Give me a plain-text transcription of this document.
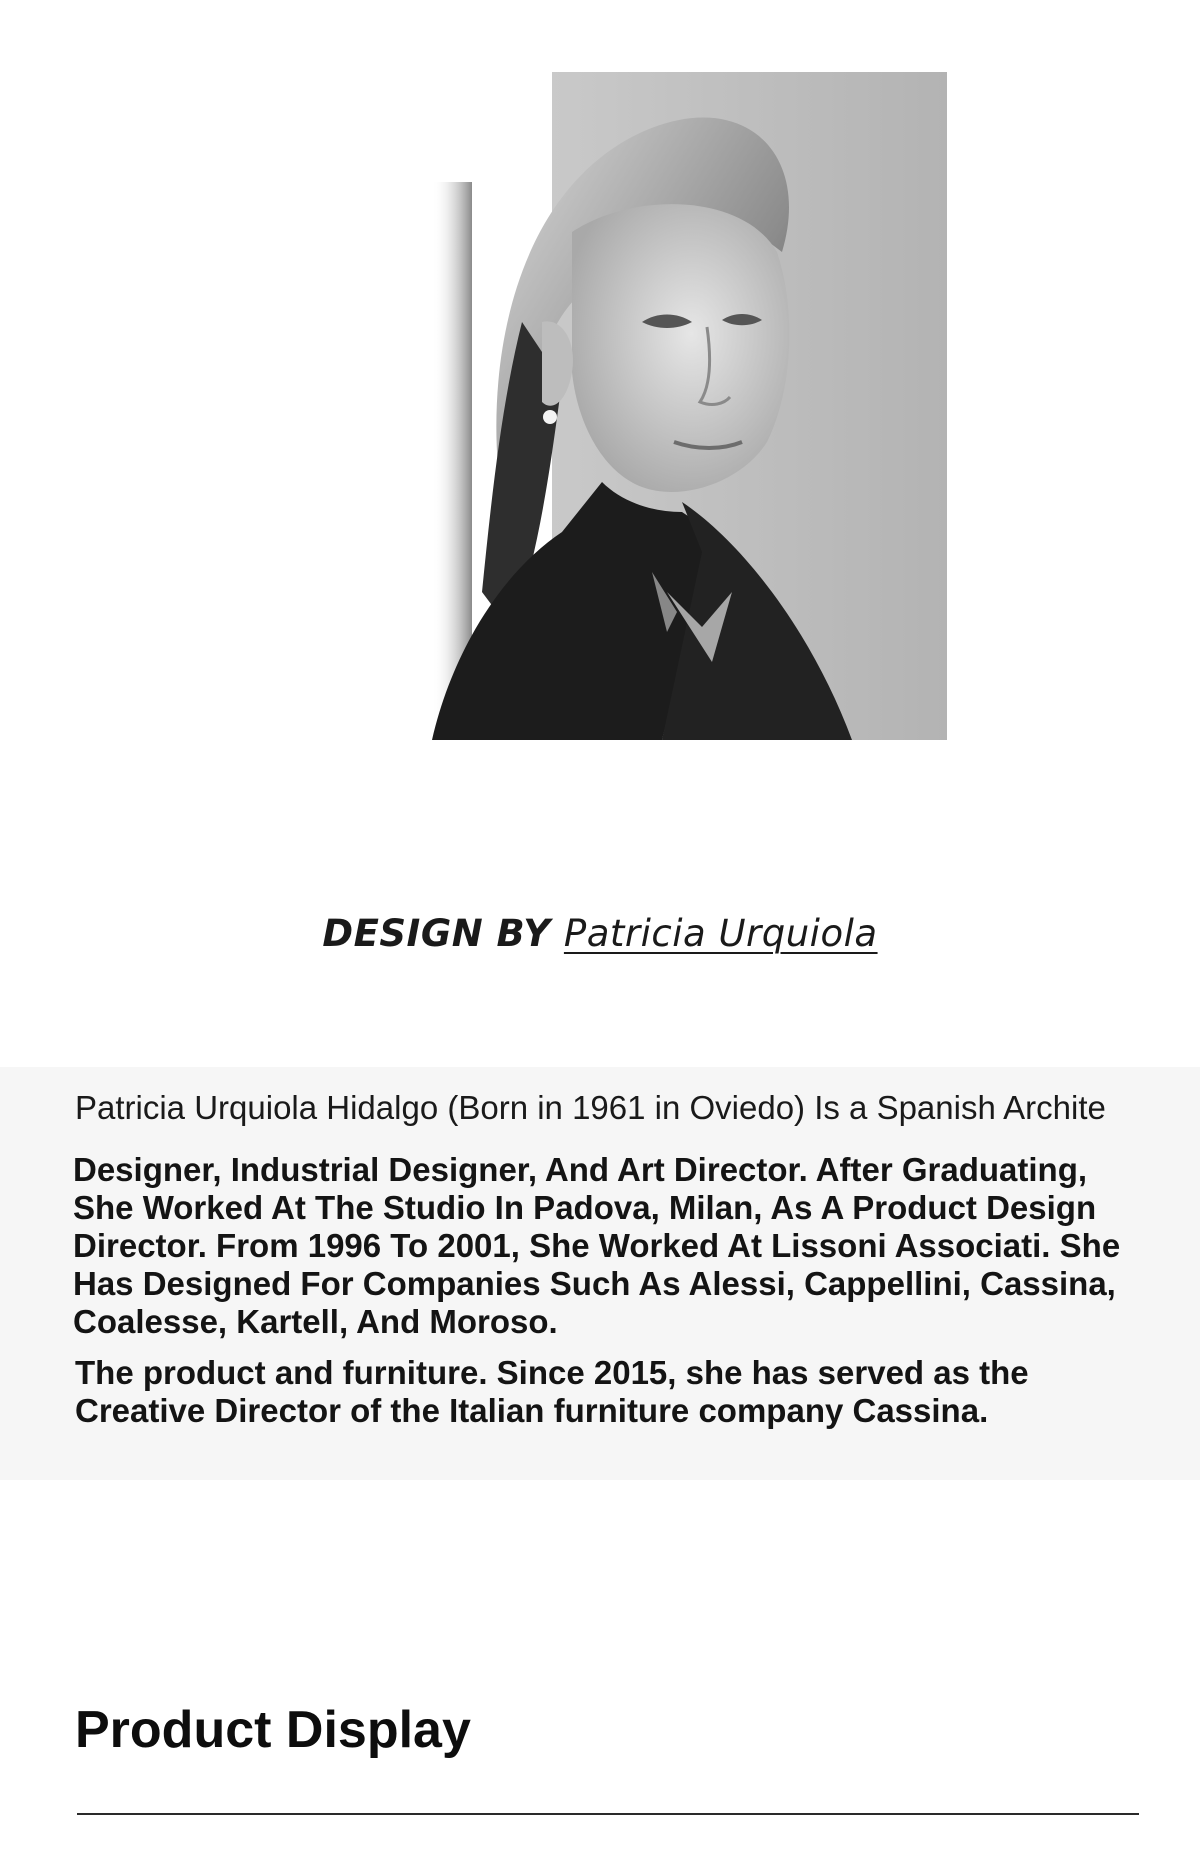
DESIGN BY Patricia Urquiola
Patricia Urquiola Hidalgo (Born in 1961 in Oviedo) Is a Spanish Archite

Designer, Industrial Designer, And Art Director. After Graduating, She Worked At The Studio In Padova, Milan, As A Product Design Director. From 1996 To 2001, She Worked At Lissoni Associati. She Has Designed For Companies Such As Alessi, Cappellini, Cassina, Coalesse, Kartell, And Moroso.

The product and furniture. Since 2015, she has served as the Creative Director of the Italian furniture company Cassina.

Product Display
